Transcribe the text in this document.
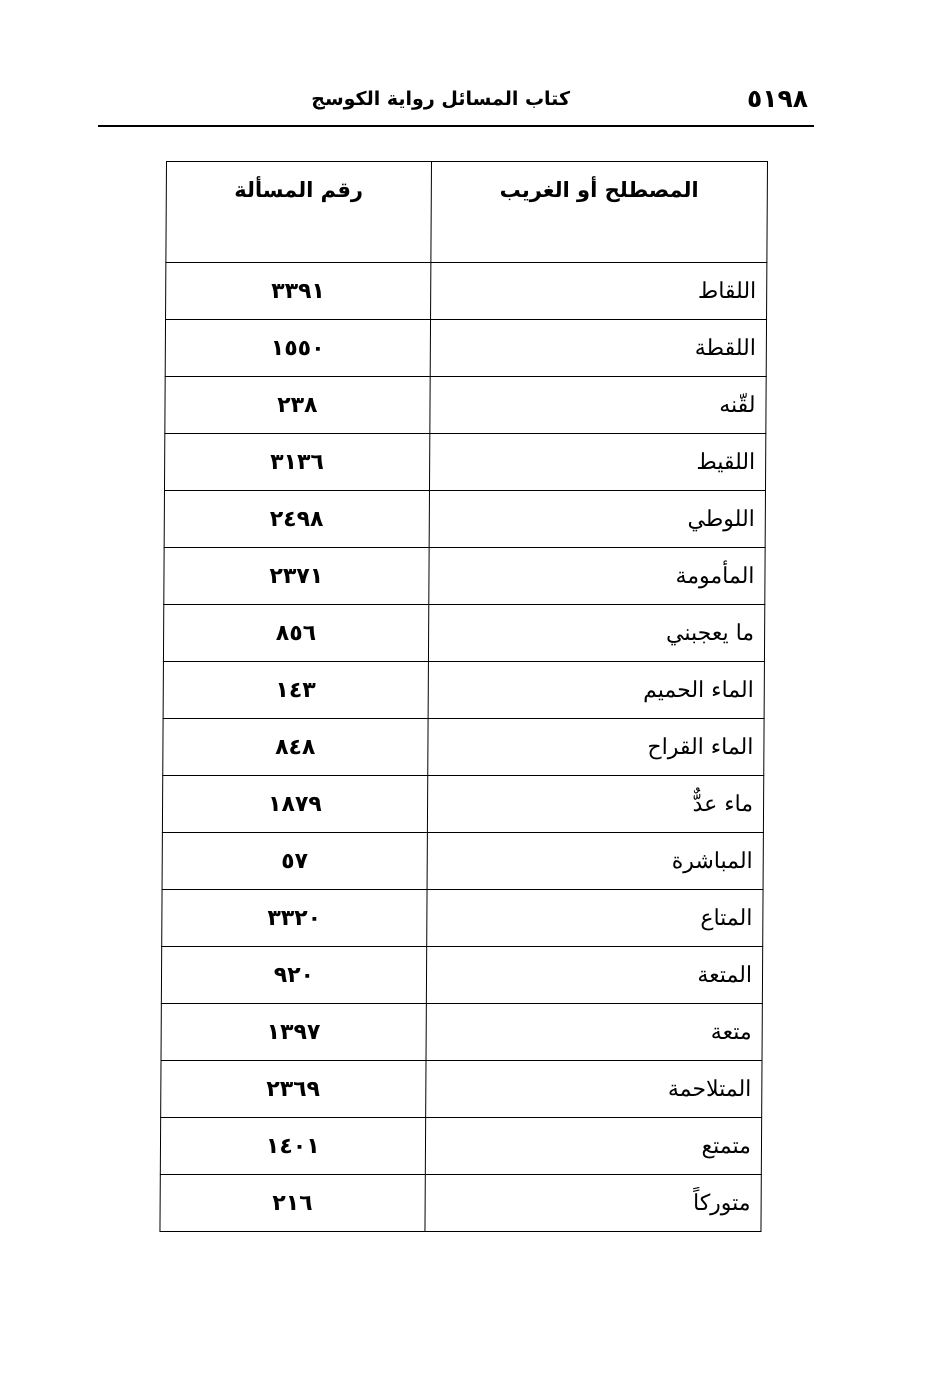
٥١٩٨
كتاب المسائل رواية الكوسج
المصطلح أو الغريب	رقم المسألة
اللقاط	٣٣٩١
اللقطة	١٥٥٠
لقّنه	٢٣٨
اللقيط	٣١٣٦
اللوطي	٢٤٩٨
المأمومة	٢٣٧١
ما يعجبني	٨٥٦
الماء الحميم	١٤٣
الماء القراح	٨٤٨
ماء عدٌّ	١٨٧٩
المباشرة	٥٧
المتاع	٣٣٢٠
المتعة	٩٢٠
متعة	١٣٩٧
المتلاحمة	٢٣٦٩
متمتع	١٤٠١
متوركاً	٢١٦
